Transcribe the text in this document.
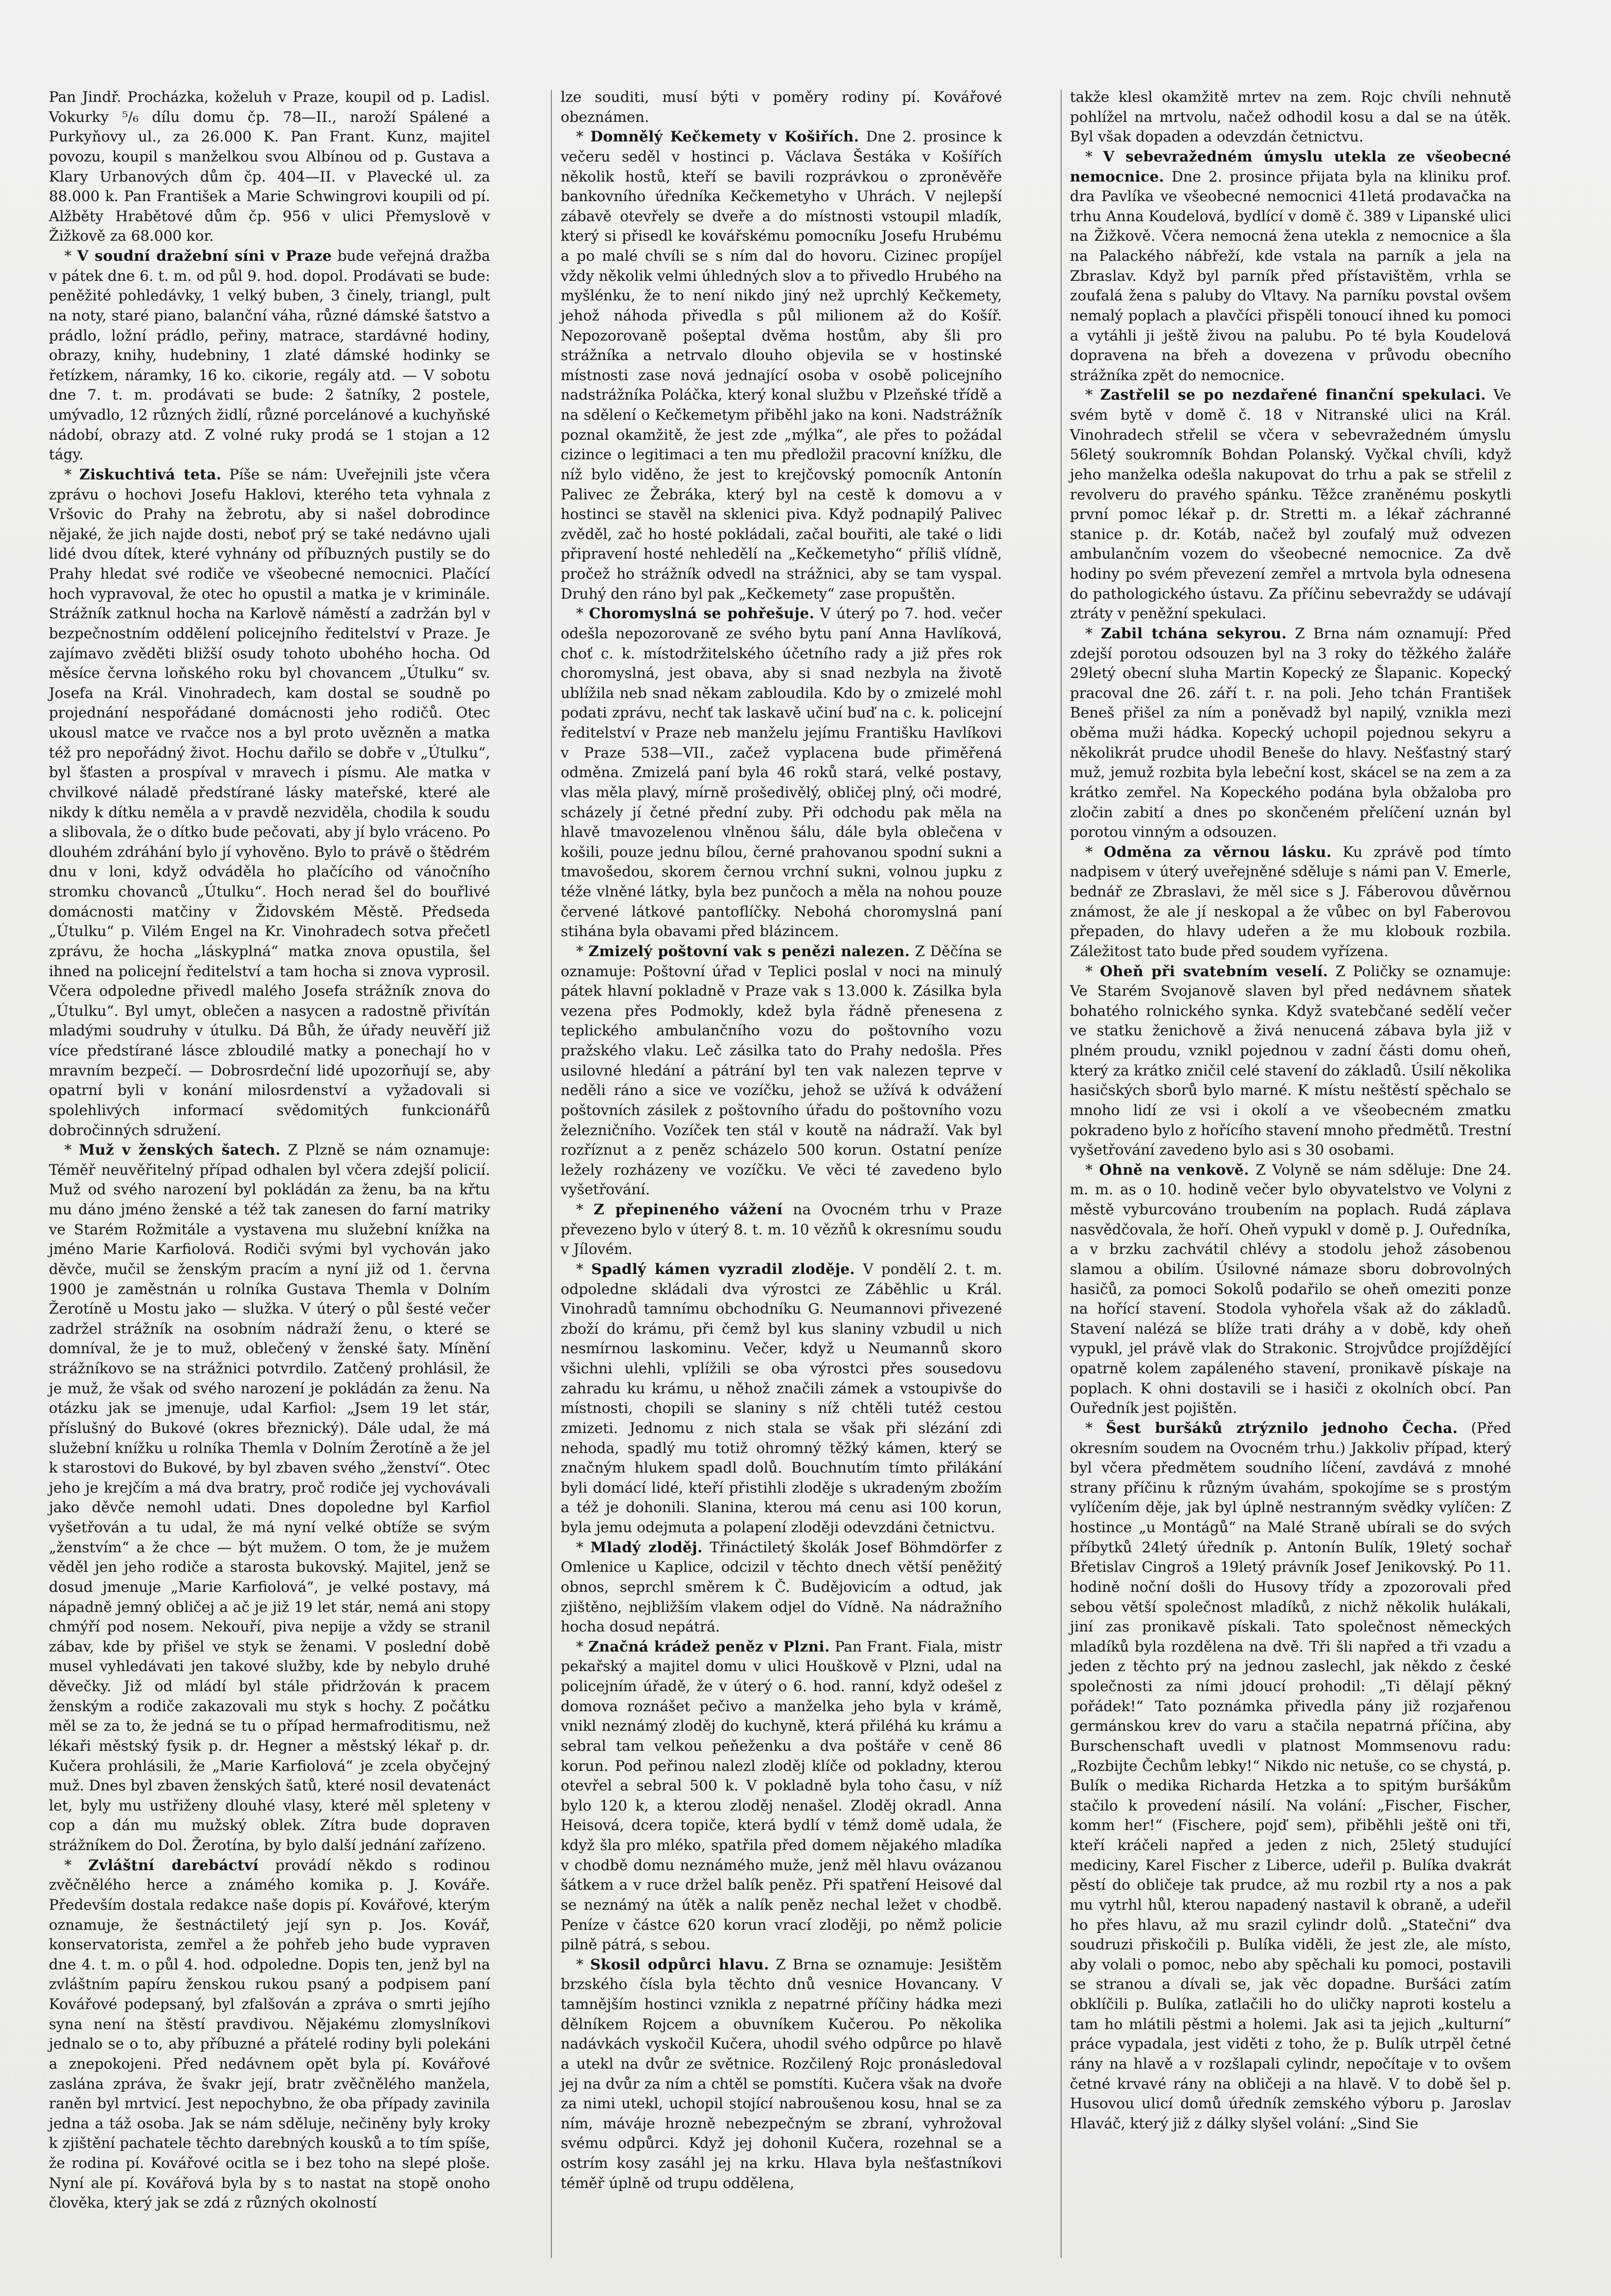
Pan Jindř. Procházka, koželuh v Praze, koupil od p. Ladisl. Vokurky ⁵/₆ dílu domu čp. 78—II., naroží Spálené a Purkyňovy ul., za 26.000 K. Pan Frant. Kunz, majitel povozu, koupil s manželkou svou Albínou od p. Gustava a Klary Urbanových dům čp. 404—II. v Plavecké ul. za 88.000 k. Pan František a Marie Schwingrovi koupili od pí. Alžběty Hrabětové dům čp. 956 v ulici Přemyslově v Žižkově za 68.000 kor.

* V soudní dražební síni v Praze bude veřejná dražba v pátek dne 6. t. m. od půl 9. hod. dopol. Prodávati se bude: peněžité pohledávky, 1 velký buben, 3 činely, triangl, pult na noty, staré piano, balanční váha, různé dámské šatstvo a prádlo, ložní prádlo, peřiny, matrace, stardávné hodiny, obrazy, knihy, hudebniny, 1 zlaté dámské hodinky se řetízkem, náramky, 16 ko. cikorie, regály atd. — V sobotu dne 7. t. m. prodávati se bude: 2 šatníky, 2 postele, umývadlo, 12 různých židlí, různé porcelánové a kuchyňské nádobí, obrazy atd. Z volné ruky prodá se 1 stojan a 12 tágy.

* Ziskuchtivá teta. Píše se nám: Uveřejnili jste včera zprávu o hochovi Josefu Haklovi, kterého teta vyhnala z Vršovic do Prahy na žebrotu, aby si našel dobrodince nějaké, že jich najde dosti, neboť prý se také nedávno ujali lidé dvou dítek, které vyhnány od příbuzných pustily se do Prahy hledat své rodiče ve všeobecné nemocnici. Plačící hoch vypravoval, že otec ho opustil a matka je v kriminále. Strážník zatknul hocha na Karlově náměstí a zadržán byl v bezpečnostním oddělení policejního ředitelství v Praze. Je zajímavo zvěděti bližší osudy tohoto ubohého hocha. Od měsíce června loňského roku byl chovancem „Útulku“ sv. Josefa na Král. Vinohradech, kam dostal se soudně po projednání nespořádané domácnosti jeho rodičů. Otec ukousl matce ve rvačce nos a byl proto uvězněn a matka též pro nepořádný život. Hochu dařilo se dobře v „Útulku“, byl šťasten a prospíval v mravech i písmu. Ale matka v chvilkové náladě předstírané lásky mateřské, které ale nikdy k dítku neměla a v pravdě nezviděla, chodila k soudu a slibovala, že o dítko bude pečovati, aby jí bylo vráceno. Po dlouhém zdráhání bylo jí vyhověno. Bylo to právě o štědrém dnu v loni, když odváděla ho plačícího od vánočního stromku chovanců „Útulku“. Hoch nerad šel do bouřlivé domácnosti matčiny v Židovském Městě. Předseda „Útulku“ p. Vilém Engel na Kr. Vinohradech sotva přečetl zprávu, že hocha „láskyplná“ matka znova opustila, šel ihned na policejní ředitelství a tam hocha si znova vyprosil. Včera odpoledne přivedl malého Josefa strážník znova do „Útulku“. Byl umyt, oblečen a nasycen a radostně přivítán mladými soudruhy v útulku. Dá Bůh, že úřady neuvěří již více předstírané lásce zbloudilé matky a ponechají ho v mravním bezpečí. — Dobrosrdeční lidé upozorňují se, aby opatrní byli v konání milosrdenství a vyžadovali si spolehlivých informací svědomitých funkcionářů dobročinných sdružení.

* Muž v ženských šatech. Z Plzně se nám oznamuje: Téměř neuvěřitelný případ odhalen byl včera zdejší policií. Muž od svého narození byl pokládán za ženu, ba na křtu mu dáno jméno ženské a též tak zanesen do farní matriky ve Starém Rožmitále a vystavena mu služební knížka na jméno Marie Karfiolová. Rodiči svými byl vychován jako děvče, mučil se ženským pracím a nyní již od 1. června 1900 je zaměstnán u rolníka Gustava Themla v Dolním Žerotíně u Mostu jako — služka. V úterý o půl šesté večer zadržel strážník na osobním nádraží ženu, o které se domníval, že je to muž, oblečený v ženské šaty. Mínění strážníkovo se na strážnici potvrdilo. Zatčený prohlásil, že je muž, že však od svého narození je pokládán za ženu. Na otázku jak se jmenuje, udal Karfiol: „Jsem 19 let stár, příslušný do Bukové (okres březnický). Dále udal, že má služební knížku u rolníka Themla v Dolním Žerotíně a že jel k starostovi do Bukové, by byl zbaven svého „ženství“. Otec jeho je krejčím a má dva bratry, proč rodiče jej vychovávali jako děvče nemohl udati. Dnes dopoledne byl Karfiol vyšetřován a tu udal, že má nyní velké obtíže se svým „ženstvím“ a že chce — být mužem. O tom, že je mužem věděl jen jeho rodiče a starosta bukovský. Majitel, jenž se dosud jmenuje „Marie Karfiolová“, je velké postavy, má nápadně jemný obličej a ač je již 19 let stár, nemá ani stopy chmýří pod nosem. Nekouří, piva nepije a vždy se stranil zábav, kde by přišel ve styk se ženami. V poslední době musel vyhledávati jen takové služby, kde by nebylo druhé děvečky. Již od mládí byl stále přidržován k pracem ženským a rodiče zakazovali mu styk s hochy. Z počátku měl se za to, že jedná se tu o případ hermafroditismu, než lékaři městský fysik p. dr. Hegner a městský lékař p. dr. Kučera prohlásili, že „Marie Karfiolová“ je zcela obyčejný muž. Dnes byl zbaven ženských šatů, které nosil devatenáct let, byly mu ustřiženy dlouhé vlasy, které měl spleteny v cop a dán mu mužský oblek. Zítra bude dopraven strážníkem do Dol. Žerotína, by bylo další jednání zařízeno.

* Zvláštní darebáctví provádí někdo s rodinou zvěčnělého herce a známého komika p. J. Kováře. Především dostala redakce naše dopis pí. Kovářové, kterým oznamuje, že šestnáctiletý její syn p. Jos. Kovář, konservatorista, zemřel a že pohřeb jeho bude vypraven dne 4. t. m. o půl 4. hod. odpoledne. Dopis ten, jenž byl na zvláštním papíru ženskou rukou psaný a podpisem paní Kovářové podepsaný, byl zfalšován a zpráva o smrti jejího syna není na štěstí pravdivou. Nějakému zlomyslníkovi jednalo se o to, aby příbuzné a přátelé rodiny byli polekáni a znepokojeni. Před nedávnem opět byla pí. Kovářové zaslána zpráva, že švakr její, bratr zvěčnělého manžela, raněn byl mrtvicí. Jest nepochybno, že oba případy zavinila jedna a táž osoba. Jak se nám sděluje, nečiněny byly kroky k zjištění pachatele těchto darebných kousků a to tím spíše, že rodina pí. Kovářové ocitla se i bez toho na slepé ploše. Nyní ale pí. Kovářová byla by s to nastat na stopě onoho člověka, který jak se zdá z různých okolností

lze souditi, musí býti v poměry rodiny pí. Kovářové obeznámen.

* Domnělý Kečkemety v Košiřích. Dne 2. prosince k večeru seděl v hostinci p. Václava Šestáka v Košířích několik hostů, kteří se bavili rozprávkou o zproněvěře bankovního úředníka Kečkemetyho v Uhrách. V nejlepší zábavě otevřely se dveře a do místnosti vstoupil mladík, který si přisedl ke kovářskému pomocníku Josefu Hrubému a po malé chvíli se s ním dal do hovoru. Cizinec propíjel vždy několik velmi úhledných slov a to přivedlo Hrubého na myšlénku, že to není nikdo jiný než uprchlý Kečkemety, jehož náhoda přivedla s půl milionem až do Košíř. Nepozorovaně pošeptal dvěma hostům, aby šli pro strážníka a netrvalo dlouho objevila se v hostinské místnosti zase nová jednající osoba v osobě policejního nadstrážníka Poláčka, který konal službu v Plzeňské třídě a na sdělení o Kečkemetym přiběhl jako na koni. Nadstrážník poznal okamžitě, že jest zde „mýlka“, ale přes to požádal cizince o legitimaci a ten mu předložil pracovní knížku, dle níž bylo viděno, že jest to krejčovský pomocník Antonín Palivec ze Žebráka, který byl na cestě k domovu a v hostinci se stavěl na sklenici piva. Když podnapilý Palivec zvěděl, zač ho hosté pokládali, začal bouřiti, ale také o lidi připravení hosté nehledělí na „Kečkemetyho“ příliš vlídně, pročež ho strážník odvedl na strážnici, aby se tam vyspal. Druhý den ráno byl pak „Kečkemety“ zase propuštěn.

* Choromyslná se pohřešuje. V úterý po 7. hod. večer odešla nepozorovaně ze svého bytu paní Anna Havlíková, choť c. k. místodržitelského účetního rady a již přes rok choromyslná, jest obava, aby si snad nezbyla na životě ublížila neb snad někam zabloudila. Kdo by o zmizelé mohl podati zprávu, nechť tak laskavě učiní buď na c. k. policejní ředitelství v Praze neb manželu jejímu Františku Havlíkovi v Praze 538—VII., začež vyplacena bude přiměřená odměna. Zmizelá paní byla 46 roků stará, velké postavy, vlas měla plavý, mírně prošedivělý, obličej plný, oči modré, scházely jí četné přední zuby. Při odchodu pak měla na hlavě tmavozelenou vlněnou šálu, dále byla oblečena v košili, pouze jednu bílou, černé prahovanou spodní sukni a tmavošedou, skorem černou vrchní sukni, volnou jupku z téže vlněné látky, byla bez punčoch a měla na nohou pouze červené látkové pantoflíčky. Nebohá choromyslná paní stihána byla obavami před blázincem.

* Zmizelý poštovní vak s penězi nalezen. Z Děčína se oznamuje: Poštovní úřad v Teplici poslal v noci na minulý pátek hlavní pokladně v Praze vak s 13.000 k. Zásilka byla vezena přes Podmokly, kdež byla řádně přenesena z teplického ambulančního vozu do poštovního vozu pražského vlaku. Leč zásilka tato do Prahy nedošla. Přes usilovné hledání a pátrání byl ten vak nalezen teprve v neděli ráno a sice ve vozíčku, jehož se užívá k odvážení poštovních zásilek z poštovního úřadu do poštovního vozu železničního. Vozíček ten stál v koutě na nádraží. Vak byl rozříznut a z peněz scházelo 500 korun. Ostatní peníze ležely rozházeny ve vozíčku. Ve věci té zavedeno bylo vyšetřování.

* Z přepineného vážení na Ovocném trhu v Praze převezeno bylo v úterý 8. t. m. 10 vězňů k okresnímu soudu v Jílovém.

* Spadlý kámen vyzradil zloděje. V pondělí 2. t. m. odpoledne skládali dva výrostci ze Záběhlic u Král. Vinohradů tamnímu obchodníku G. Neumannovi přivezené zboží do krámu, při čemž byl kus slaniny vzbudil u nich nesmírnou laskominu. Večer, když u Neumannů skoro všichni ulehli, vplížili se oba výrostci přes sousedovu zahradu ku krámu, u něhož značili zámek a vstoupivše do místnosti, chopili se slaniny s níž chtěli tutéž cestou zmizeti. Jednomu z nich stala se však při slézání zdi nehoda, spadlý mu totiž ohromný těžký kámen, který se značným hlukem spadl dolů. Bouchnutím tímto přilákání byli domácí lidé, kteří přistihli zloděje s ukradeným zbožím a též je dohonili. Slanina, kterou má cenu asi 100 korun, byla jemu odejmuta a polapení zloději odevzdáni četnictvu.

* Mladý zloděj. Třináctiletý školák Josef Böhmdörfer z Omlenice u Kaplice, odcizil v těchto dnech větší peněžitý obnos, seprchl směrem k Č. Budějovicím a odtud, jak zjištěno, nejbližším vlakem odjel do Vídně. Na nádražního hocha dosud nepátrá.

* Značná krádež peněz v Plzni. Pan Frant. Fiala, mistr pekařský a majitel domu v ulici Houškově v Plzni, udal na policejním úřadě, že v úterý o 6. hod. ranní, když odešel z domova roznášet pečivo a manželka jeho byla v krámě, vnikl neznámý zloděj do kuchyně, která přiléhá ku krámu a sebral tam velkou peňeženku a dva poštáře v ceně 86 korun. Pod peřinou nalezl zloděj klíče od pokladny, kterou otevřel a sebral 500 k. V pokladně byla toho času, v níž bylo 120 k, a kterou zloděj nenašel. Zloděj okradl. Anna Heisová, dcera topiče, která bydlí v témž domě udala, že když šla pro mléko, spatřila před domem nějakého mladíka v chodbě domu neznámého muže, jenž měl hlavu ovázanou šátkem a v ruce držel balík peněz. Při spatření Heisové dal se neznámý na útěk a nalík peněz nechal ležet v chodbě. Peníze v částce 620 korun vrací zloději, po němž policie pilně pátrá, s sebou.

* Skosil odpůrci hlavu. Z Brna se oznamuje: Jesištěm brzského čísla byla těchto dnů vesnice Hovancany. V tamnějším hostinci vznikla z nepatrné příčiny hádka mezi dělníkem Rojcem a obuvníkem Kučerou. Po několika nadávkách vyskočil Kučera, uhodil svého odpůrce po hlavě a utekl na dvůr ze světnice. Rozčilený Rojc pronásledoval jej na dvůr za ním a chtěl se pomstíti. Kučera však na dvoře za nimi utekl, uchopil stojící nabroušenou kosu, hnal se za ním, máváje hrozně nebezpečným se zbraní, vyhrožoval svému odpůrci. Když jej dohonil Kučera, rozehnal se a ostrím kosy zasáhl jej na krku. Hlava byla nešťastníkovi téměř úplně od trupu oddělena,

takže klesl okamžitě mrtev na zem. Rojc chvíli nehnutě pohlížel na mrtvolu, načež odhodil kosu a dal se na útěk. Byl však dopaden a odevzdán četnictvu.

* V sebevražedném úmyslu utekla ze všeobecné nemocnice. Dne 2. prosince přijata byla na kliniku prof. dra Pavlíka ve všeobecné nemocnici 41letá prodavačka na trhu Anna Koudelová, bydlící v domě č. 389 v Lipanské ulici na Žižkově. Včera nemocná žena utekla z nemocnice a šla na Palackého nábřeží, kde vstala na parník a jela na Zbraslav. Když byl parník před přístavištěm, vrhla se zoufalá žena s paluby do Vltavy. Na parníku povstal ovšem nemalý poplach a plavčíci přispěli tonoucí ihned ku pomoci a vytáhli ji ještě živou na palubu. Po té byla Koudelová dopravena na břeh a dovezena v průvodu obecního strážníka zpět do nemocnice.

* Zastřelil se po nezdařené finanční spekulaci. Ve svém bytě v domě č. 18 v Nitranské ulici na Král. Vinohradech střelil se včera v sebevražedném úmyslu 56letý soukromník Bohdan Polanský. Vyčkal chvíli, když jeho manželka odešla nakupovat do trhu a pak se střelil z revolveru do pravého spánku. Těžce zraněnému poskytli první pomoc lékař p. dr. Stretti m. a lékař záchranné stanice p. dr. Kotáb, načež byl zoufalý muž odvezen ambulančním vozem do všeobecné nemocnice. Za dvě hodiny po svém převezení zemřel a mrtvola byla odnesena do pathologického ústavu. Za příčinu sebevraždy se udávají ztráty v peněžní spekulaci.

* Zabil tchána sekyrou. Z Brna nám oznamují: Před zdejší porotou odsouzen byl na 3 roky do těžkého žaláře 29letý obecní sluha Martin Kopecký ze Šlapanic. Kopecký pracoval dne 26. září t. r. na poli. Jeho tchán František Beneš přišel za ním a poněvadž byl napilý, vznikla mezi oběma muži hádka. Kopecký uchopil pojednou sekyru a několikrát prudce uhodil Beneše do hlavy. Nešťastný starý muž, jemuž rozbita byla lebeční kost, skácel se na zem a za krátko zemřel. Na Kopeckého podána byla obžaloba pro zločin zabití a dnes po skončeném přelíčení uznán byl porotou vinným a odsouzen.

* Odměna za věrnou lásku. Ku zprávě pod tímto nadpisem v úterý uveřejněné sděluje s námi pan V. Emerle, bednář ze Zbraslavi, že měl sice s J. Fáberovou důvěrnou známost, že ale jí neskopal a že vůbec on byl Faberovou přepaden, do hlavy udeřen a že mu klobouk rozbila. Záležitost tato bude před soudem vyřízena.

* Oheň při svatebním veselí. Z Poličky se oznamuje: Ve Starém Svojanově slaven byl před nedávnem sňatek bohatého rolnického synka. Když svatebčané sedělí večer ve statku ženichově a živá nenucená zábava byla již v plném proudu, vznikl pojednou v zadní části domu oheň, který za krátko zničil celé stavení do základů. Úsilí několika hasičských sborů bylo marné. K místu neštěstí spěchalo se mnoho lidí ze vsi i okolí a ve všeobecném zmatku pokradeno bylo z hořícího stavení mnoho předmětů. Trestní vyšetřování zavedeno bylo asi s 30 osobami.

* Ohně na venkově. Z Volyně se nám sděluje: Dne 24. m. m. as o 10. hodině večer bylo obyvatelstvo ve Volyni z městě vyburcováno troubením na poplach. Rudá záplava nasvědčovala, že hoří. Oheň vypukl v domě p. J. Ouředníka, a v brzku zachvátil chlévy a stodolu jehož zásobenou slamou a obilím. Úsilovné námaze sboru dobrovolných hasičů, za pomoci Sokolů podařilo se oheň omeziti ponze na hořící stavení. Stodola vyhořela však až do základů. Stavení nalézá se blíže trati dráhy a v době, kdy oheň vypukl, jel právě vlak do Strakonic. Strojvůdce projíždějící opatrně kolem zapáleného stavení, pronikavě pískaje na poplach. K ohni dostavili se i hasiči z okolních obcí. Pan Ouředník jest pojištěn.

* Šest buršáků ztrýznilo jednoho Čecha. (Před okresním soudem na Ovocném trhu.) Jakkoliv případ, který byl včera předmětem soudního líčení, zavdává z mnohé strany příčinu k různým úvahám, spokojíme se s prostým vylíčením děje, jak byl úplně nestranným svědky vylíčen: Z hostince „u Montágů“ na Malé Straně ubírali se do svých příbytků 24letý úředník p. Antonín Bulík, 19letý sochař Břetislav Cingroš a 19letý právník Josef Jenikovský. Po 11. hodině noční došli do Husovy třídy a zpozorovali před sebou větší společnost mladíků, z nichž několik hulákali, jiní zas pronikavě pískali. Tato společnost německých mladíků byla rozdělena na dvě. Tři šli napřed a tři vzadu a jeden z těchto prý na jednou zaslechl, jak někdo z české společnosti za ními jdoucí prohodil: „Ti dělají pěkný pořádek!“ Tato poznámka přivedla pány již rozjařenou germánskou krev do varu a stačila nepatrná příčina, aby Burschenschaft uvedli v platnost Mommsenovu radu: „Rozbijte Čechům lebky!“ Nikdo nic netuše, co se chystá, p. Bulík o medika Richarda Hetzka a to spitým buršákům stačilo k provedení násilí. Na volání: „Fischer, Fischer, komm her!“ (Fischere, pojď sem), přiběhli ještě oni tři, kteří kráčeli napřed a jeden z nich, 25letý studující mediciny, Karel Fischer z Liberce, udeřil p. Bulíka dvakrát pěstí do obličeje tak prudce, až mu rozbil rty a nos a pak mu vytrhl hůl, kterou napadený nastavil k obraně, a udeřil ho přes hlavu, až mu srazil cylindr dolů. „Statečni“ dva soudruzi přiskočili p. Bulíka viděli, že jest zle, ale místo, aby volali o pomoc, nebo aby spěchali ku pomoci, postavili se stranou a dívali se, jak věc dopadne. Buršáci zatím obklíčili p. Bulíka, zatlačili ho do uličky naproti kostelu a tam ho mlátili pěstmi a holemi. Jak asi ta jejich „kulturní“ práce vypadala, jest viděti z toho, že p. Bulík utrpěl četné rány na hlavě a v rozšlapali cylindr, nepočítaje v to ovšem četné krvavé rány na obličeji a na hlavě. V to době šel p. Husovou ulicí domů úředník zemského výboru p. Jaroslav Hlaváč, který již z dálky slyšel volání: „Sind Sie
